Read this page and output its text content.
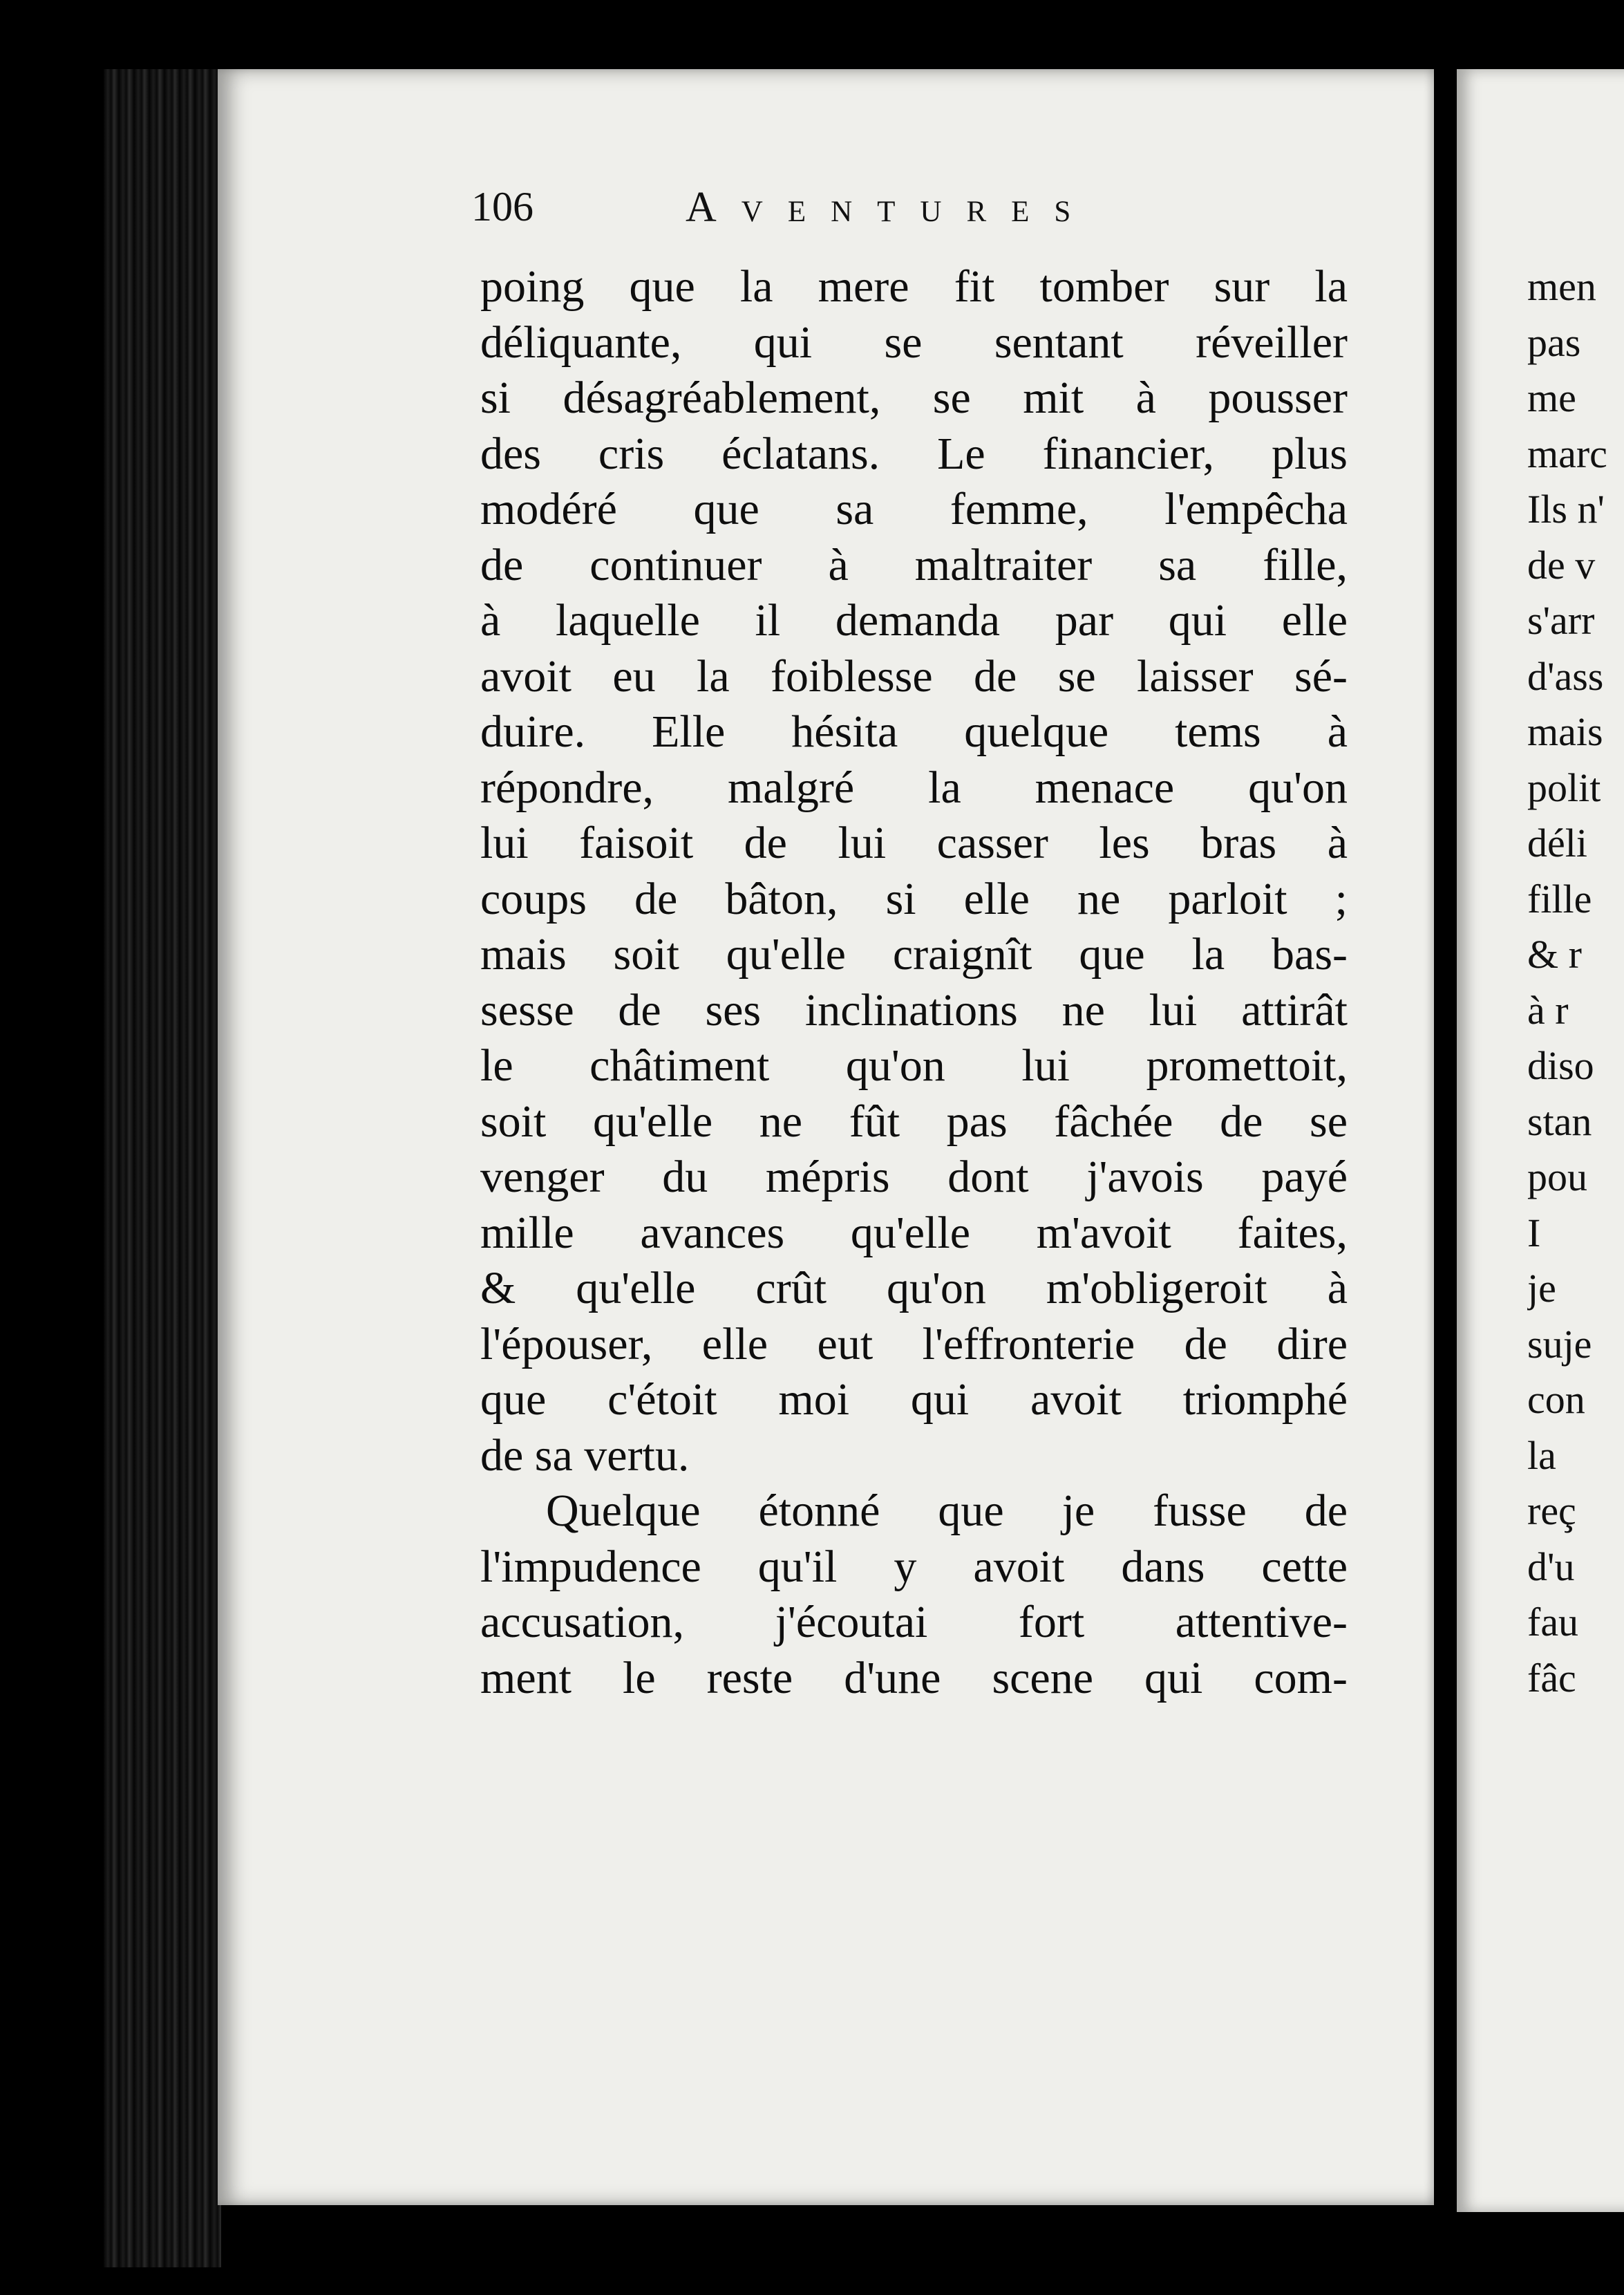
106	Aventures
poing que la mere fit tomber sur la
déliquante, qui se sentant réveiller
si désagréablement, se mit à pousser
des cris éclatans. Le financier, plus
modéré que sa femme, l'empêcha
de continuer à maltraiter sa fille,
à laquelle il demanda par qui elle
avoit eu la foiblesse de se laisser sé-
duire. Elle hésita quelque tems à
répondre, malgré la menace qu'on
lui faisoit de lui casser les bras à
coups de bâton, si elle ne parloit ;
mais soit qu'elle craignît que la bas-
sesse de ses inclinations ne lui attirât
le châtiment qu'on lui promettoit,
soit qu'elle ne fût pas fâchée de se
venger du mépris dont j'avois payé
mille avances qu'elle m'avoit faites,
& qu'elle crût qu'on m'obligeroit à
l'épouser, elle eut l'effronterie de dire
que c'étoit moi qui avoit triomphé
de sa vertu.
Quelque étonné que je fusse de
l'impudence qu'il y avoit dans cette
accusation, j'écoutai fort attentive-
ment le reste d'une scene qui com-
men
pas
me
marc
Ils n'
de v
s'arr
d'ass
mais
polit
déli
fille
& r
à r
diso
stan
pou
I
je
suje
con
la
reç
d'u
fau
fâc
